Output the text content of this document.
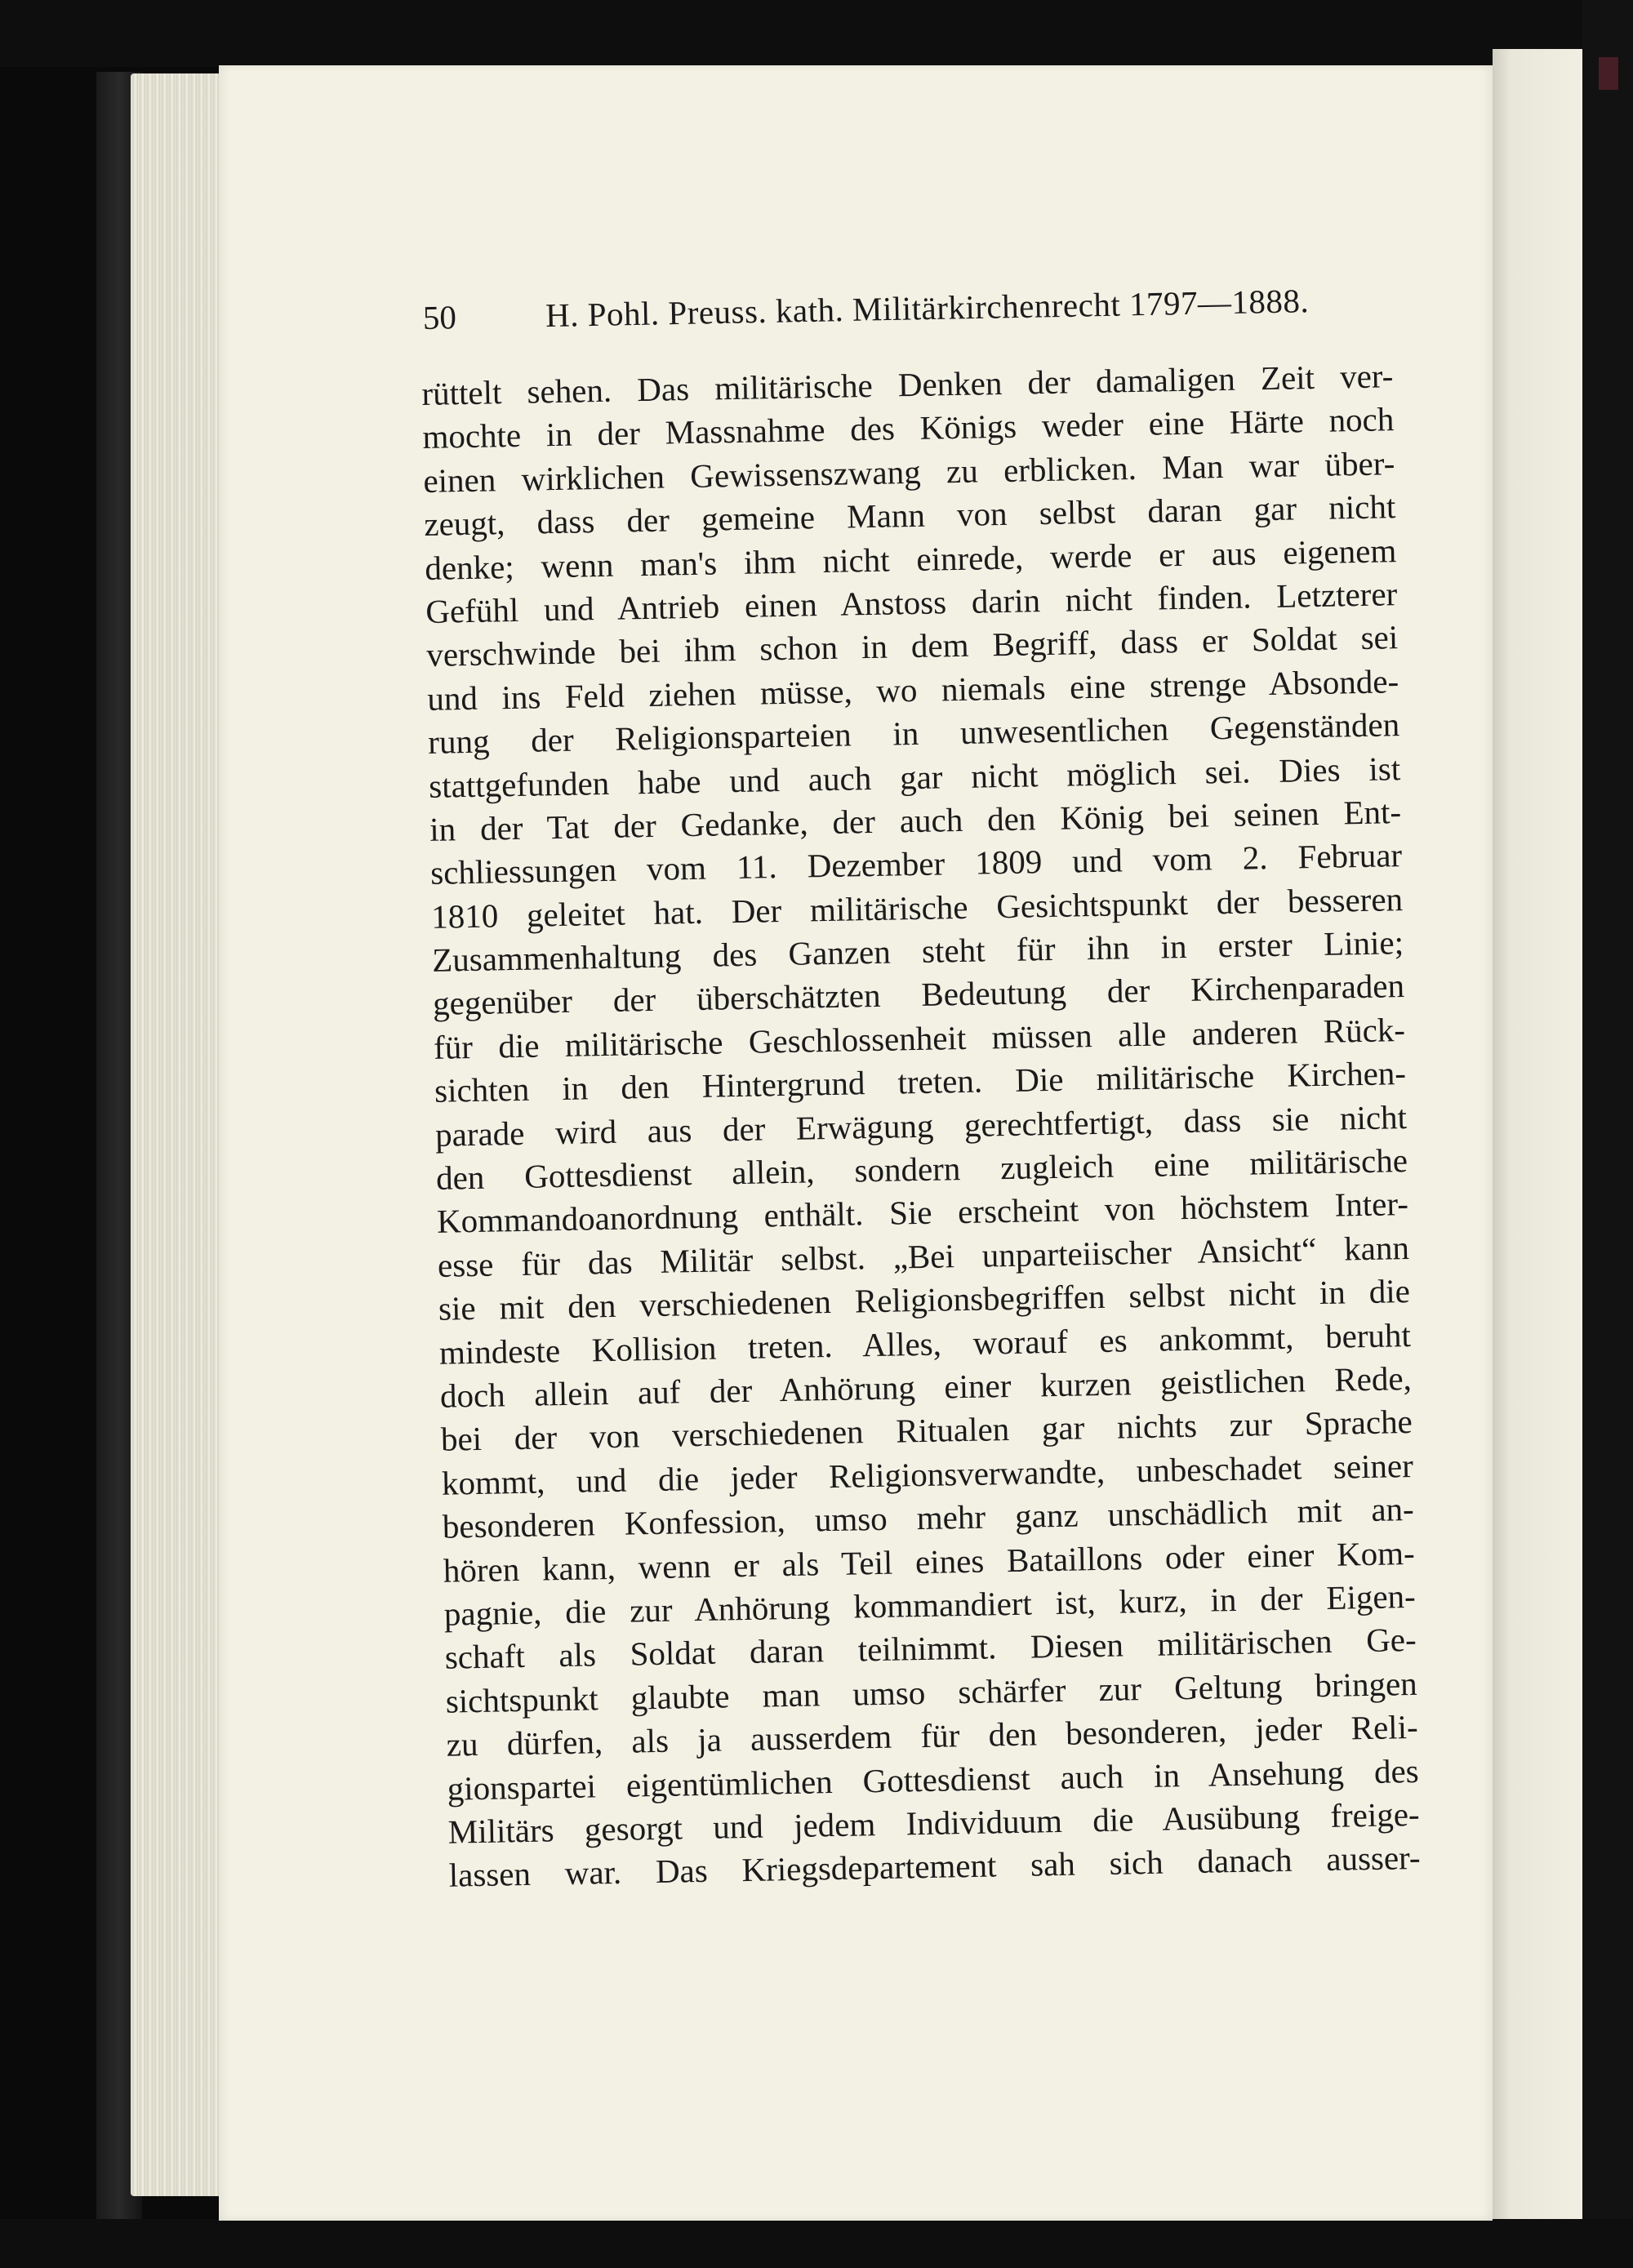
50	H. Pohl. Preuss. kath. Militärkirchenrecht 1797—1888.
rüttelt sehen. Das militärische Denken der damaligen Zeit ver-
mochte in der Massnahme des Königs weder eine Härte noch
einen wirklichen Gewissenszwang zu erblicken. Man war über-
zeugt, dass der gemeine Mann von selbst daran gar nicht
denke; wenn man's ihm nicht einrede, werde er aus eigenem
Gefühl und Antrieb einen Anstoss darin nicht finden. Letzterer
verschwinde bei ihm schon in dem Begriff, dass er Soldat sei
und ins Feld ziehen müsse, wo niemals eine strenge Absonde-
rung der Religionsparteien in unwesentlichen Gegenständen
stattgefunden habe und auch gar nicht möglich sei. Dies ist
in der Tat der Gedanke, der auch den König bei seinen Ent-
schliessungen vom 11. Dezember 1809 und vom 2. Februar
1810 geleitet hat. Der militärische Gesichtspunkt der besseren
Zusammenhaltung des Ganzen steht für ihn in erster Linie;
gegenüber der überschätzten Bedeutung der Kirchenparaden
für die militärische Geschlossenheit müssen alle anderen Rück-
sichten in den Hintergrund treten. Die militärische Kirchen-
parade wird aus der Erwägung gerechtfertigt, dass sie nicht
den Gottesdienst allein, sondern zugleich eine militärische
Kommandoanordnung enthält. Sie erscheint von höchstem Inter-
esse für das Militär selbst. „Bei unparteiischer Ansicht“ kann
sie mit den verschiedenen Religionsbegriffen selbst nicht in die
mindeste Kollision treten. Alles, worauf es ankommt, beruht
doch allein auf der Anhörung einer kurzen geistlichen Rede,
bei der von verschiedenen Ritualen gar nichts zur Sprache
kommt, und die jeder Religionsverwandte, unbeschadet seiner
besonderen Konfession, umso mehr ganz unschädlich mit an-
hören kann, wenn er als Teil eines Bataillons oder einer Kom-
pagnie, die zur Anhörung kommandiert ist, kurz, in der Eigen-
schaft als Soldat daran teilnimmt. Diesen militärischen Ge-
sichtspunkt glaubte man umso schärfer zur Geltung bringen
zu dürfen, als ja ausserdem für den besonderen, jeder Reli-
gionspartei eigentümlichen Gottesdienst auch in Ansehung des
Militärs gesorgt und jedem Individuum die Ausübung freige-
lassen war. Das Kriegsdepartement sah sich danach ausser-
